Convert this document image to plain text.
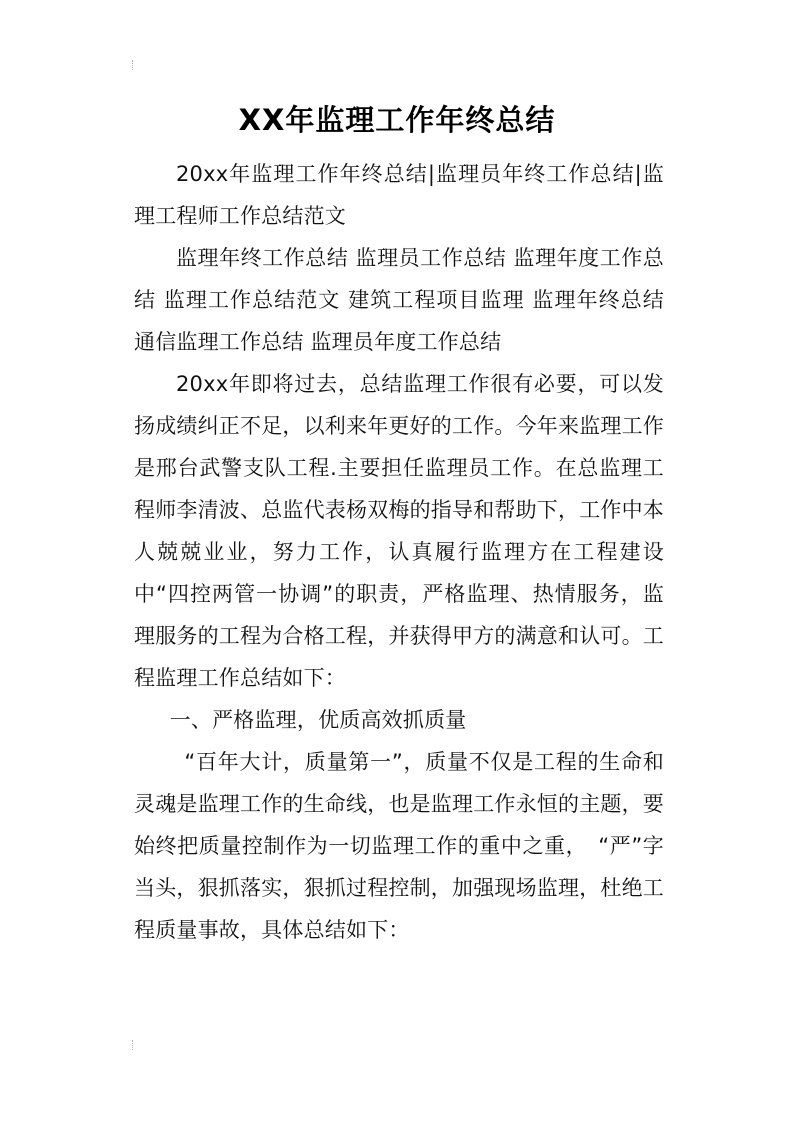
XX年监理工作年终总结

20xx年监理工作年终总结|监理员年终工作总结|监理工程师工作总结范文

监理年终工作总结 监理员工作总结 监理年度工作总结 监理工作总结范文 建筑工程项目监理 监理年终总结 通信监理工作总结 监理员年度工作总结

20xx年即将过去，总结监理工作很有必要，可以发扬成绩纠正不足，以利来年更好的工作。今年来监理工作是邢台武警支队工程.主要担任监理员工作。在总监理工程师李清波、总监代表杨双梅的指导和帮助下，工作中本人兢兢业业，努力工作，认真履行监理方在工程建设中“四控两管一协调”的职责，严格监理、热情服务，监理服务的工程为合格工程，并获得甲方的满意和认可。工程监理工作总结如下：

一、严格监理，优质高效抓质量

“百年大计，质量第一”，质量不仅是工程的生命和灵魂是监理工作的生命线，也是监理工作永恒的主题，要始终把质量控制作为一切监理工作的重中之重，　“严”字当头，狠抓落实，狠抓过程控制，加强现场监理，杜绝工程质量事故，具体总结如下：
